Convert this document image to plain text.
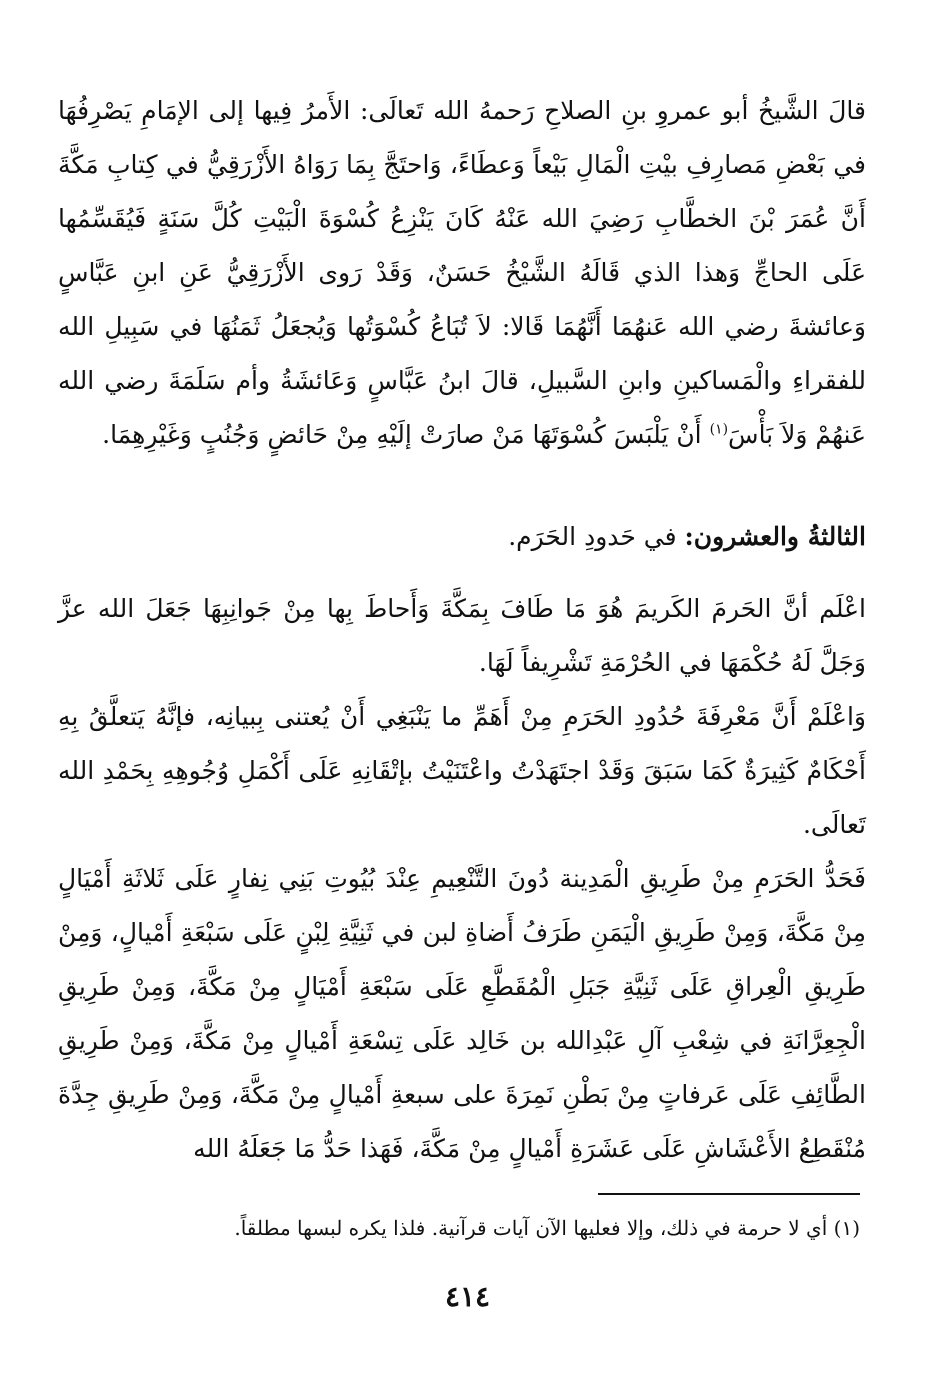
قالَ الشَّيخُ أبو عمروِ بنِ الصلاحِ رَحمهُ الله تَعالَى: الأَمرُ فِيها إلى الإمَامِ يَصْرِفُهَا في بَعْضِ مَصارِفِ بيْتِ الْمَالِ بَيْعاً وَعطَاءً، وَاحتَجَّ بِمَا رَوَاهُ الأَزْرَقِيُّ في كِتابِ مَكَّةَ أَنَّ عُمَرَ بْنَ الخطَّابِ رَضِيَ الله عَنْهُ كَانَ يَنْزِعُ كُسْوَةَ الْبَيْتِ كُلَّ سَنَةٍ فَيُقَسِّمُها عَلَى الحاجِّ وَهذا الذي قَالَهُ الشَّيْخُ حَسَنٌ، وَقَدْ رَوى الأَزْرَقِيُّ عَنِ ابنِ عَبَّاسٍ وَعائشةَ رضي الله عَنهُمَا أَنَّهُمَا قَالا: لاَ تُبَاعُ كُسْوَتُها وَيُجعَلُ ثَمَنُهَا في سَبِيلِ الله للفقراءِ والْمَساكينِ وابنِ السَّبيلِ، قالَ ابنُ عَبَّاسٍ وَعَائشَةُ وأم سَلَمَةَ رضي الله عَنهُمْ وَلاَ بَأْسَ$^{(١)}$ أَنْ يَلْبَسَ كُسْوَتَهَا مَنْ صارَتْ إلَيْهِ مِنْ حَائضٍ وَجُنُبٍ وَغَيْرِهِمَا.
الثالثةُ والعشرون: في حَدودِ الحَرَم.
اعْلَم أنَّ الحَرمَ الكَريمَ هُوَ مَا طَافَ بِمَكَّةَ وَأَحاطَ بِها مِنْ جَوانِبِهَا جَعَلَ الله عزَّ وَجَلَّ لَهُ حُكْمَهَا في الحُرْمَةِ تَشْرِيفاً لَهَا.
وَاعْلَمْ أَنَّ مَعْرِفَةَ حُدُودِ الحَرَمِ مِنْ أَهَمِّ ما يَنْبَغِي أَنْ يُعتنى بِبيانِه، فإنَّهُ يَتعلَّقُ بِهِ أَحْكَامٌ كَثِيرَةٌ كَمَا سَبَقَ وَقَدْ اجتَهَدْتُ واعْتَنَيْتُ بإتْقَانِهِ عَلَى أَكْمَلِ وُجُوهِهِ بِحَمْدِ الله تَعالَى.
فَحَدُّ الحَرَمِ مِنْ طَرِيقِ الْمَدِينة دُونَ التَّنْعِيمِ عِنْدَ بُيُوتِ بَنِي نِفارٍ عَلَى ثَلاثَةِ أَمْيَالٍ مِنْ مَكَّةَ، وَمِنْ طَرِيقِ الْيَمَنِ طَرَفُ أَضاةِ لبن في ثَنِيَّةِ لِبْنٍ عَلَى سَبْعَةِ أَمْيالٍ، وَمِنْ طَرِيقِ الْعِراقِ عَلَى ثَنِيَّةِ جَبَلِ الْمُقَطَّعِ عَلَى سَبْعَةِ أَمْيَالٍ مِنْ مَكَّةَ، وَمِنْ طَرِيقِ الْجِعِرَّانَةِ في شِعْبِ آلِ عَبْدِالله بن خَالِد عَلَى تِسْعَةِ أَمْيالٍ مِنْ مَكَّةَ، وَمِنْ طَرِيقِ الطَّائِفِ عَلَى عَرفاتٍ مِنْ بَطْنِ نَمِرَةَ على سبعةِ أَمْيالٍ مِنْ مَكَّةَ، وَمِنْ طَرِيقِ جِدَّةَ مُنْقَطِعُ الأَعْشَاشِ عَلَى عَشَرَةِ أَمْيالٍ مِنْ مَكَّةَ، فَهَذا حَدُّ مَا جَعَلَهُ الله
(١) أي لا حرمة في ذلك، وإلا فعليها الآن آيات قرآنية. فلذا يكره لبسها مطلقاً.
٤١٤
